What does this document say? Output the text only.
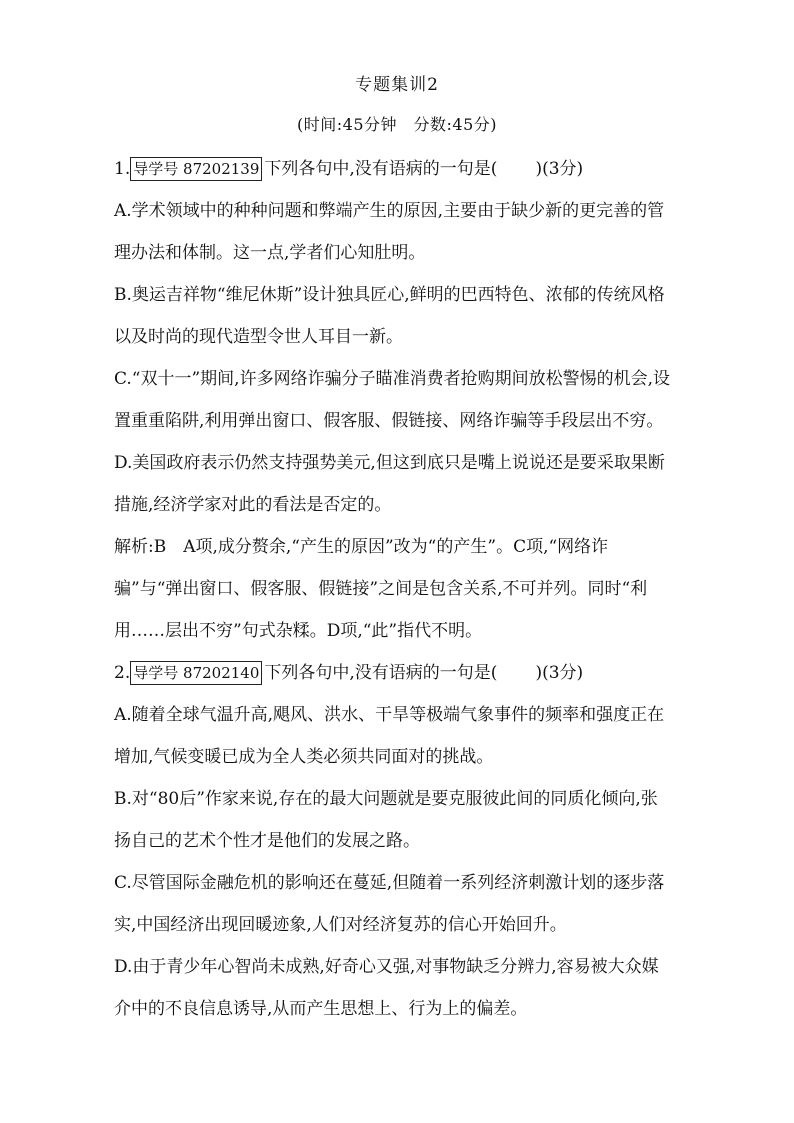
专题集训2
(时间:45分钟　分数:45分)
1. 导学号 87202139 下列各句中,没有语病的一句是( )(3分)

A.学术领域中的种种问题和弊端产生的原因,主要由于缺少新的更完善的管理办法和体制。这一点,学者们心知肚明。

B.奥运吉祥物“维尼休斯”设计独具匠心,鲜明的巴西特色、浓郁的传统风格以及时尚的现代造型令世人耳目一新。

C.“双十一”期间,许多网络诈骗分子瞄准消费者抢购期间放松警惕的机会,设置重重陷阱,利用弹出窗口、假客服、假链接、网络诈骗等手段层出不穷。

D.美国政府表示仍然支持强势美元,但这到底只是嘴上说说还是要采取果断措施,经济学家对此的看法是否定的。

解析:B　A项,成分赘余,“产生的原因”改为“的产生”。C项,“网络诈骗”与“弹出窗口、假客服、假链接”之间是包含关系,不可并列。同时“利用……层出不穷”句式杂糅。D项,“此”指代不明。

2. 导学号 87202140 下列各句中,没有语病的一句是( )(3分)

A.随着全球气温升高,飓风、洪水、干旱等极端气象事件的频率和强度正在增加,气候变暖已成为全人类必须共同面对的挑战。

B.对“80后”作家来说,存在的最大问题就是要克服彼此间的同质化倾向,张扬自己的艺术个性才是他们的发展之路。

C.尽管国际金融危机的影响还在蔓延,但随着一系列经济刺激计划的逐步落实,中国经济出现回暖迹象,人们对经济复苏的信心开始回升。

D.由于青少年心智尚未成熟,好奇心又强,对事物缺乏分辨力,容易被大众媒介中的不良信息诱导,从而产生思想上、行为上的偏差。
